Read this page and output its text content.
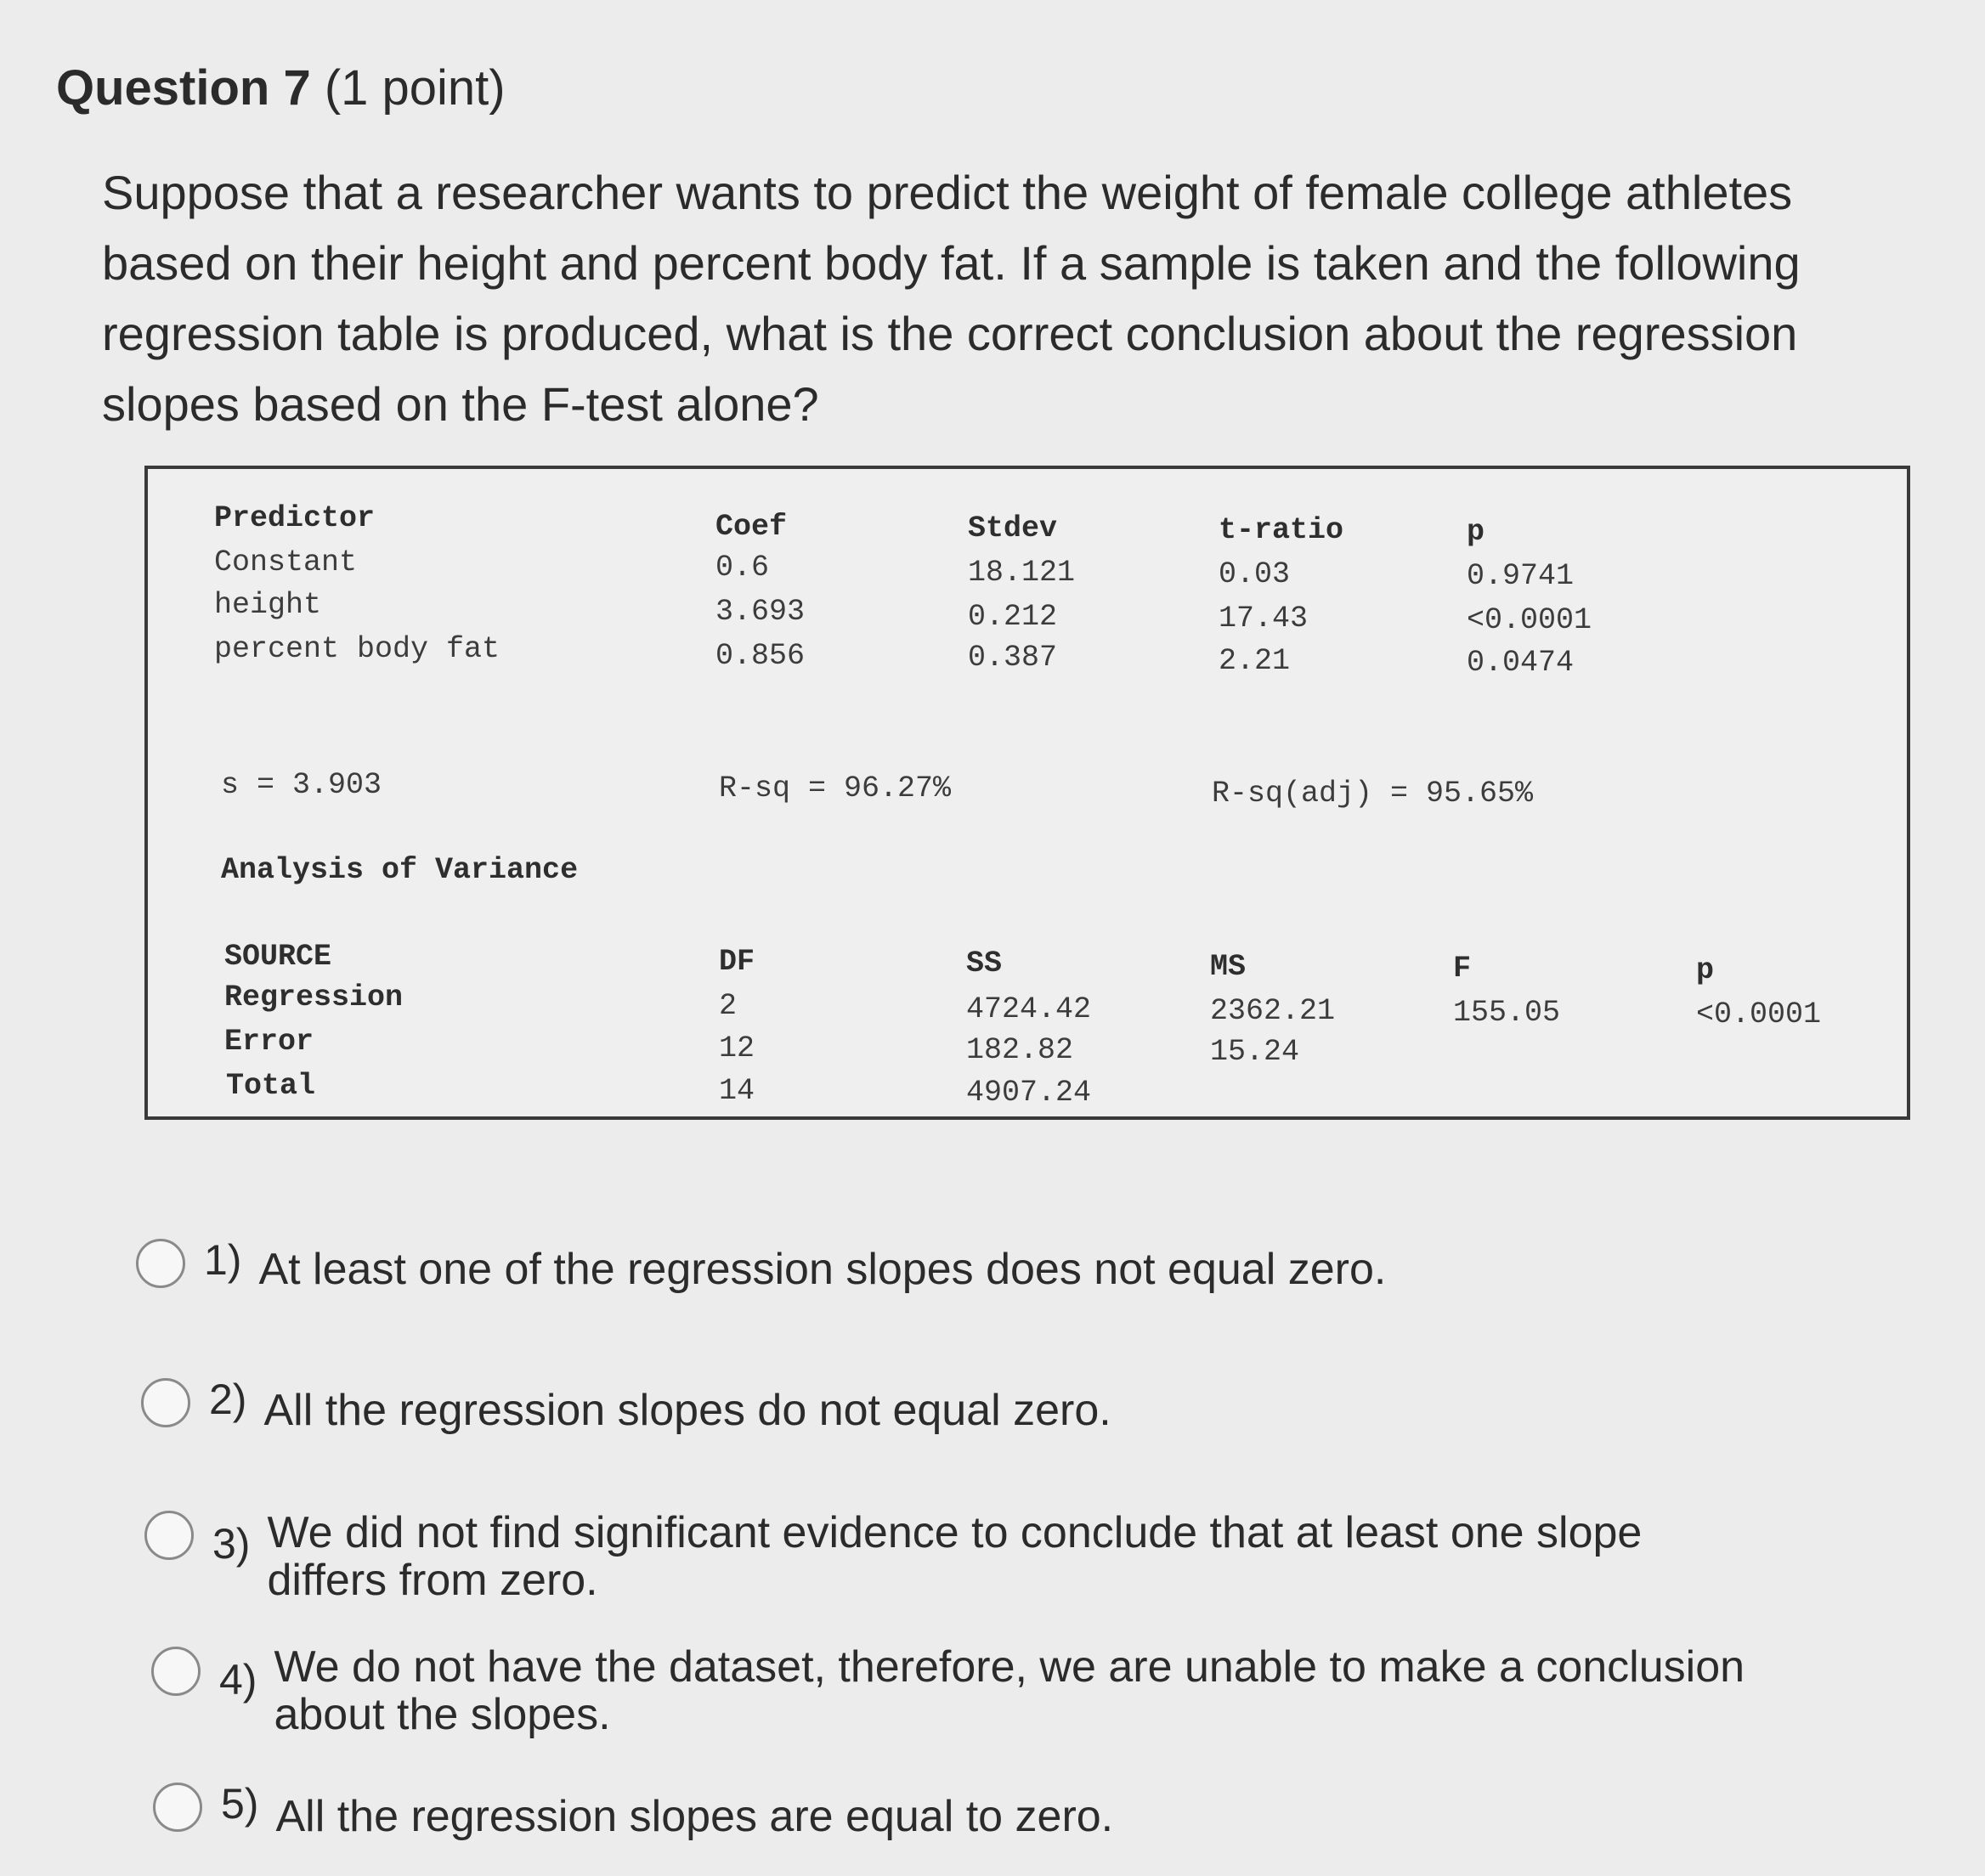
Question 7 (1 point)
Suppose that a researcher wants to predict the weight of female college athletes based on their height and percent body fat. If a sample is taken and the following regression table is produced, what is the correct conclusion about the regression slopes based on the F-test alone?
Predictor	Coef	Stdev	t-ratio	p
Constant	0.6	18.121	0.03	0.9741
height	3.693	0.212	17.43	<0.0001
percent body fat	0.856	0.387	2.21	0.0474
s = 3.903	R-sq = 96.27%	R-sq(adj) = 95.65%
Analysis of Variance
SOURCE	DF	SS	MS	F	p
Regression	2	4724.42	2362.21	155.05	<0.0001
Error	12	182.82	15.24
Total	14	4907.24
1) At least one of the regression slopes does not equal zero.
2) All the regression slopes do not equal zero.
3) We did not find significant evidence to conclude that at least one slope differs from zero.
4) We do not have the dataset, therefore, we are unable to make a conclusion about the slopes.
5) All the regression slopes are equal to zero.
